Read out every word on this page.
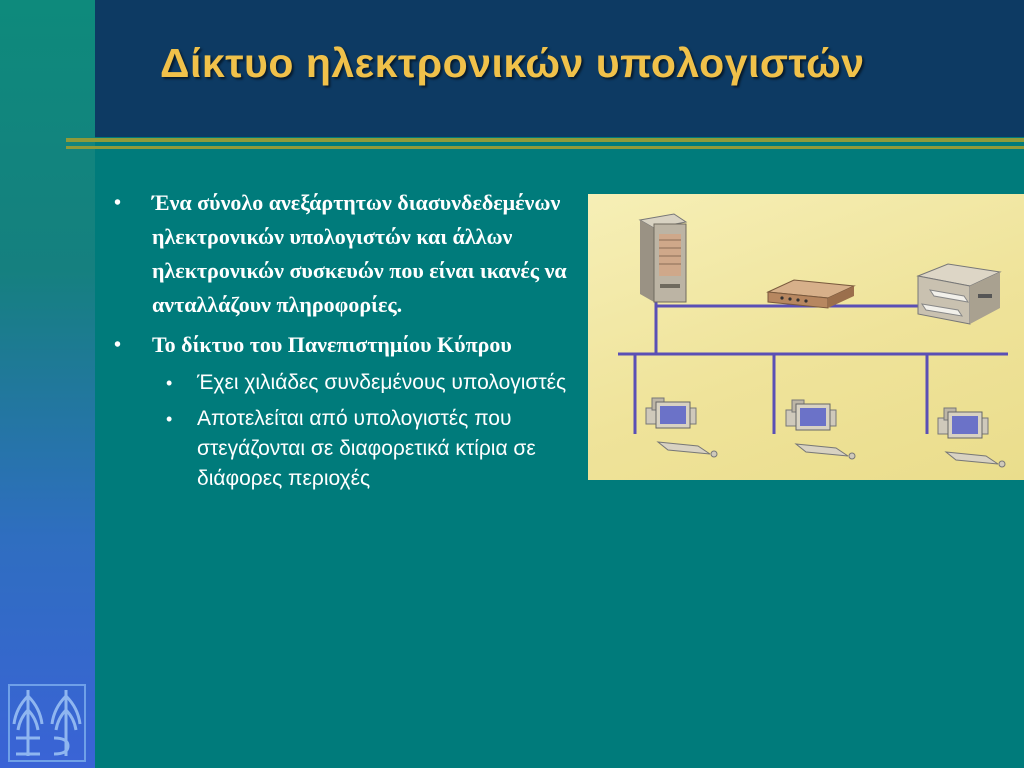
Δίκτυο ηλεκτρονικών υπολογιστών
• Ένα σύνολο ανεξάρτητων διασυνδεδεμένων ηλεκτρονικών υπολογιστών και άλλων ηλεκτρονικών συσκευών που είναι ικανές να ανταλλάζουν πληροφορίες.
• Το δίκτυο του Πανεπιστημίου Κύπρου
• Έχει χιλιάδες συνδεμένους υπολογιστές
• Αποτελείται από υπολογιστές που στεγάζονται σε διαφορετικά κτίρια σε διάφορες περιοχές
